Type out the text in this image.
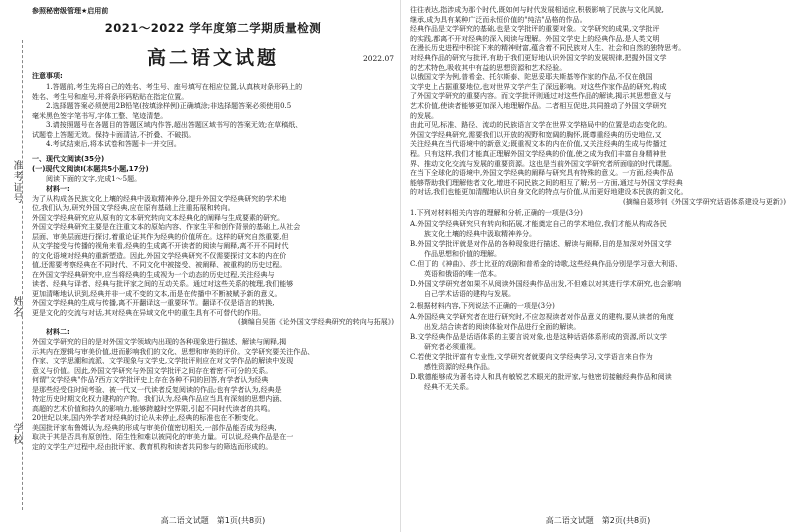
准考证号
姓名
学校
参照秘密级管理★启用前
2021～2022 学年度第二学期质量检测
高二语文试题	2022.07
高二语文试题　第1页(共8页)
注意事项:
1.答题前,考生先将自己的姓名、考生号、座号填写在相应位置,认真核对条形码上的
姓名、考生号和座号,并将条形码粘贴在指定位置。
2.选择题答案必须使用2B铅笔(按填涂样例)正确填涂;非选择题答案必须使用0.5
毫米黑色签字笔书写,字体工整、笔迹清楚。
3.请按照题号在各题目的答题区域内作答,超出答题区域书写的答案无效;在草稿纸、
试题卷上答题无效。保持卡面清洁,不折叠、不破损。
4.考试结束后,将本试卷和答题卡一并交回。
一、现代文阅读(35分)
(一)现代文阅读Ⅰ(本题共5小题,17分)
阅读下面的文字,完成1～5题。
材料一:
为了从构成各民族文化上壤的经典中汲取精神养分,提升外国文学经典研究的学术地
位,我们认为,研究外国文学经典,应在原有基础上注重拓展和转向。
外国文学经典研究应从原有的文本研究转向文本经典化的阐释与生成要素的研究。
外国文学经典研究主要是在注重文本的原始内容、作家生平和创作背景的基础上,从社会
层面、审美层面进行探讨,着重论证其作为经典的价值所在。这样的研究自然重要,但
从文学接受与传播的视角来看,经典的生成离不开读者的阅读与阐释,离不开不同时代
的文化语境对经典的重新塑造。因此,外国文学经典研究不仅需要探讨文本的内在价
值,还需要考察经典在不同时代、不同文化中被接受、被阐释、被重构的历史过程。
在外国文学经典研究中,应当将经典的生成视为一个动态的历史过程,关注经典与
读者、经典与译者、经典与批评家之间的互动关系。通过对这些关系的梳理,我们能够
更加清晰地认识到,经典并非一成不变的文本,而是在传播中不断被赋予新的意义。
外国文学经典的生成与传播,离不开翻译这一重要环节。翻译不仅是语言的转换,
更是文化的交流与对话,其对经典在异域文化中的重生具有不可替代的作用。
(摘编自吴笛《论外国文学经典研究的转向与拓展》)
材料二:
外国文学研究的目的是对外国文学领域内出现的各种现象进行描述、解读与阐释,揭
示其内在逻辑与审美价值,进而影响我们的文化、思想和审美的评价。文学研究要关注作品、
作家、文学思潮和流派、文学现象与文学史,文学批评则应在对文学作品的解读中发现
意义与价值。因此,外国文学研究与外国文学批评之间存在着密不可分的关系。
何谓"文学经典"作品?西方文学批评史上存在各种不同的回答,有学者认为经典
是那些经受住时间考验、被一代又一代读者反复阅读的作品;也有学者认为,经典是
特定历史时期文化权力建构的产物。我们认为,经典作品应当具有深刻的思想内涵、
高超的艺术价值和持久的影响力,能够跨越时空界限,引起不同时代读者的共鸣。
20世纪以来,国内外学者对经典的讨论从未停止,经典的标准也在不断变化。
美国批评家布鲁姆认为,经典的形成与审美价值密切相关,一部作品能否成为经典,
取决于其是否具有原创性、陌生性和难以被同化的审美力量。可以说,经典作品是在一
定的文学生产过程中,经由批评家、教育机构和读者共同参与的筛选而形成的。
高二语文试题　第2页(共8页)
往往表达,指涉成为那个时代,既如何与时代发展相适应,积极影响了民族与文化风貌,
继承,成为具有某种广泛而永恒价值的"纯洁"品格的作品。
经典作品是文学研究的基础,也是文学批评的重要对象。文学研究的成果,文学批评
的实践,都离不开对经典的深入阅读与理解。外国文学史上的经典作品,是人类文明
在漫长历史进程中积淀下来的精神财富,蕴含着不同民族对人生、社会和自然的独特思考。
对经典作品的研究与批评,有助于我们更好地认识外国文学的发展规律,把握外国文学
的艺术特色,吸收其中有益的思想资源和艺术经验。
以俄国文学为例,普希金、托尔斯泰、陀思妥耶夫斯基等作家的作品,不仅在俄国
文学史上占据重要地位,也对世界文学产生了深远影响。对这些作家作品的研究,构成
了外国文学研究的重要内容。而文学批评则通过对这些作品的解读,揭示其思想意义与
艺术价值,使读者能够更加深入地理解作品。二者相互促进,共同推动了外国文学研究
的发展。
由此可见,标准、路径、流动的民族语言文学在世界文学格局中的位置是动态变化的。
外国文学经典研究,需要我们以开放的视野和宽阔的胸怀,既尊重经典的历史地位,又
关注经典在当代语境中的新意义;既重视文本的内在价值,又关注经典的生成与传播过
程。只有这样,我们才能真正理解外国文学经典的价值,使之成为我们丰富自身精神世
界、推动文化交流与发展的重要资源。这也是当前外国文学研究者所面临的时代课题。
在当下全球化的语境中,外国文学经典的阐释与研究具有特殊的意义。一方面,经典作品
能够帮助我们理解他者文化,增进不同民族之间的相互了解;另一方面,通过与外国文学经典
的对话,我们也能更加清醒地认识自身文化的特点与价值,从而更好地建设本民族的新文化。
(摘编自聂珍钊《外国文学研究话语体系建设与更新》)
1.下列对材料相关内容的理解和分析,正确的一项是(3分)
A.外国文学经典研究只有转向和拓展,才能奠定自己的学术地位,我们才能从构成各民
族文化土壤的经典中汲取精神养分。
B.外国文学批评就是对作品的各种现象进行描述、解读与阐释,目的是加深对外国文学
作品思想和价值的理解。
C.但丁的《神曲》、莎士比亚的戏剧和普希金的诗歌,这些经典作品分别是学习意大利语、
英语和俄语的唯一范本。
D.外国文学研究者如果不从阅读外国经典作品出发,不但难以对其进行学术研究,也会影响
自己学术话语的建构与发展。
2.根据材料内容,下列说法不正确的一项是(3分)
A.外国经典文学研究者在进行研究时,不应忽视读者对作品意义的建构,要从读者的角度
出发,结合读者的阅读体验对作品进行全面的解读。
B.文学经典作品是话语体系的主要言说对象,也是这种话语体系形成的资源,所以文学
研究者必须重视。
C.若使文学批评富有专业性,文学研究者就要向文学经典学习,文学语言来自作为
感性资源的经典作品。
D.歌德能够成为著名诗人和具有敏锐艺术眼光的批评家,与他密切接触经典作品和阅读
经典不无关系。
